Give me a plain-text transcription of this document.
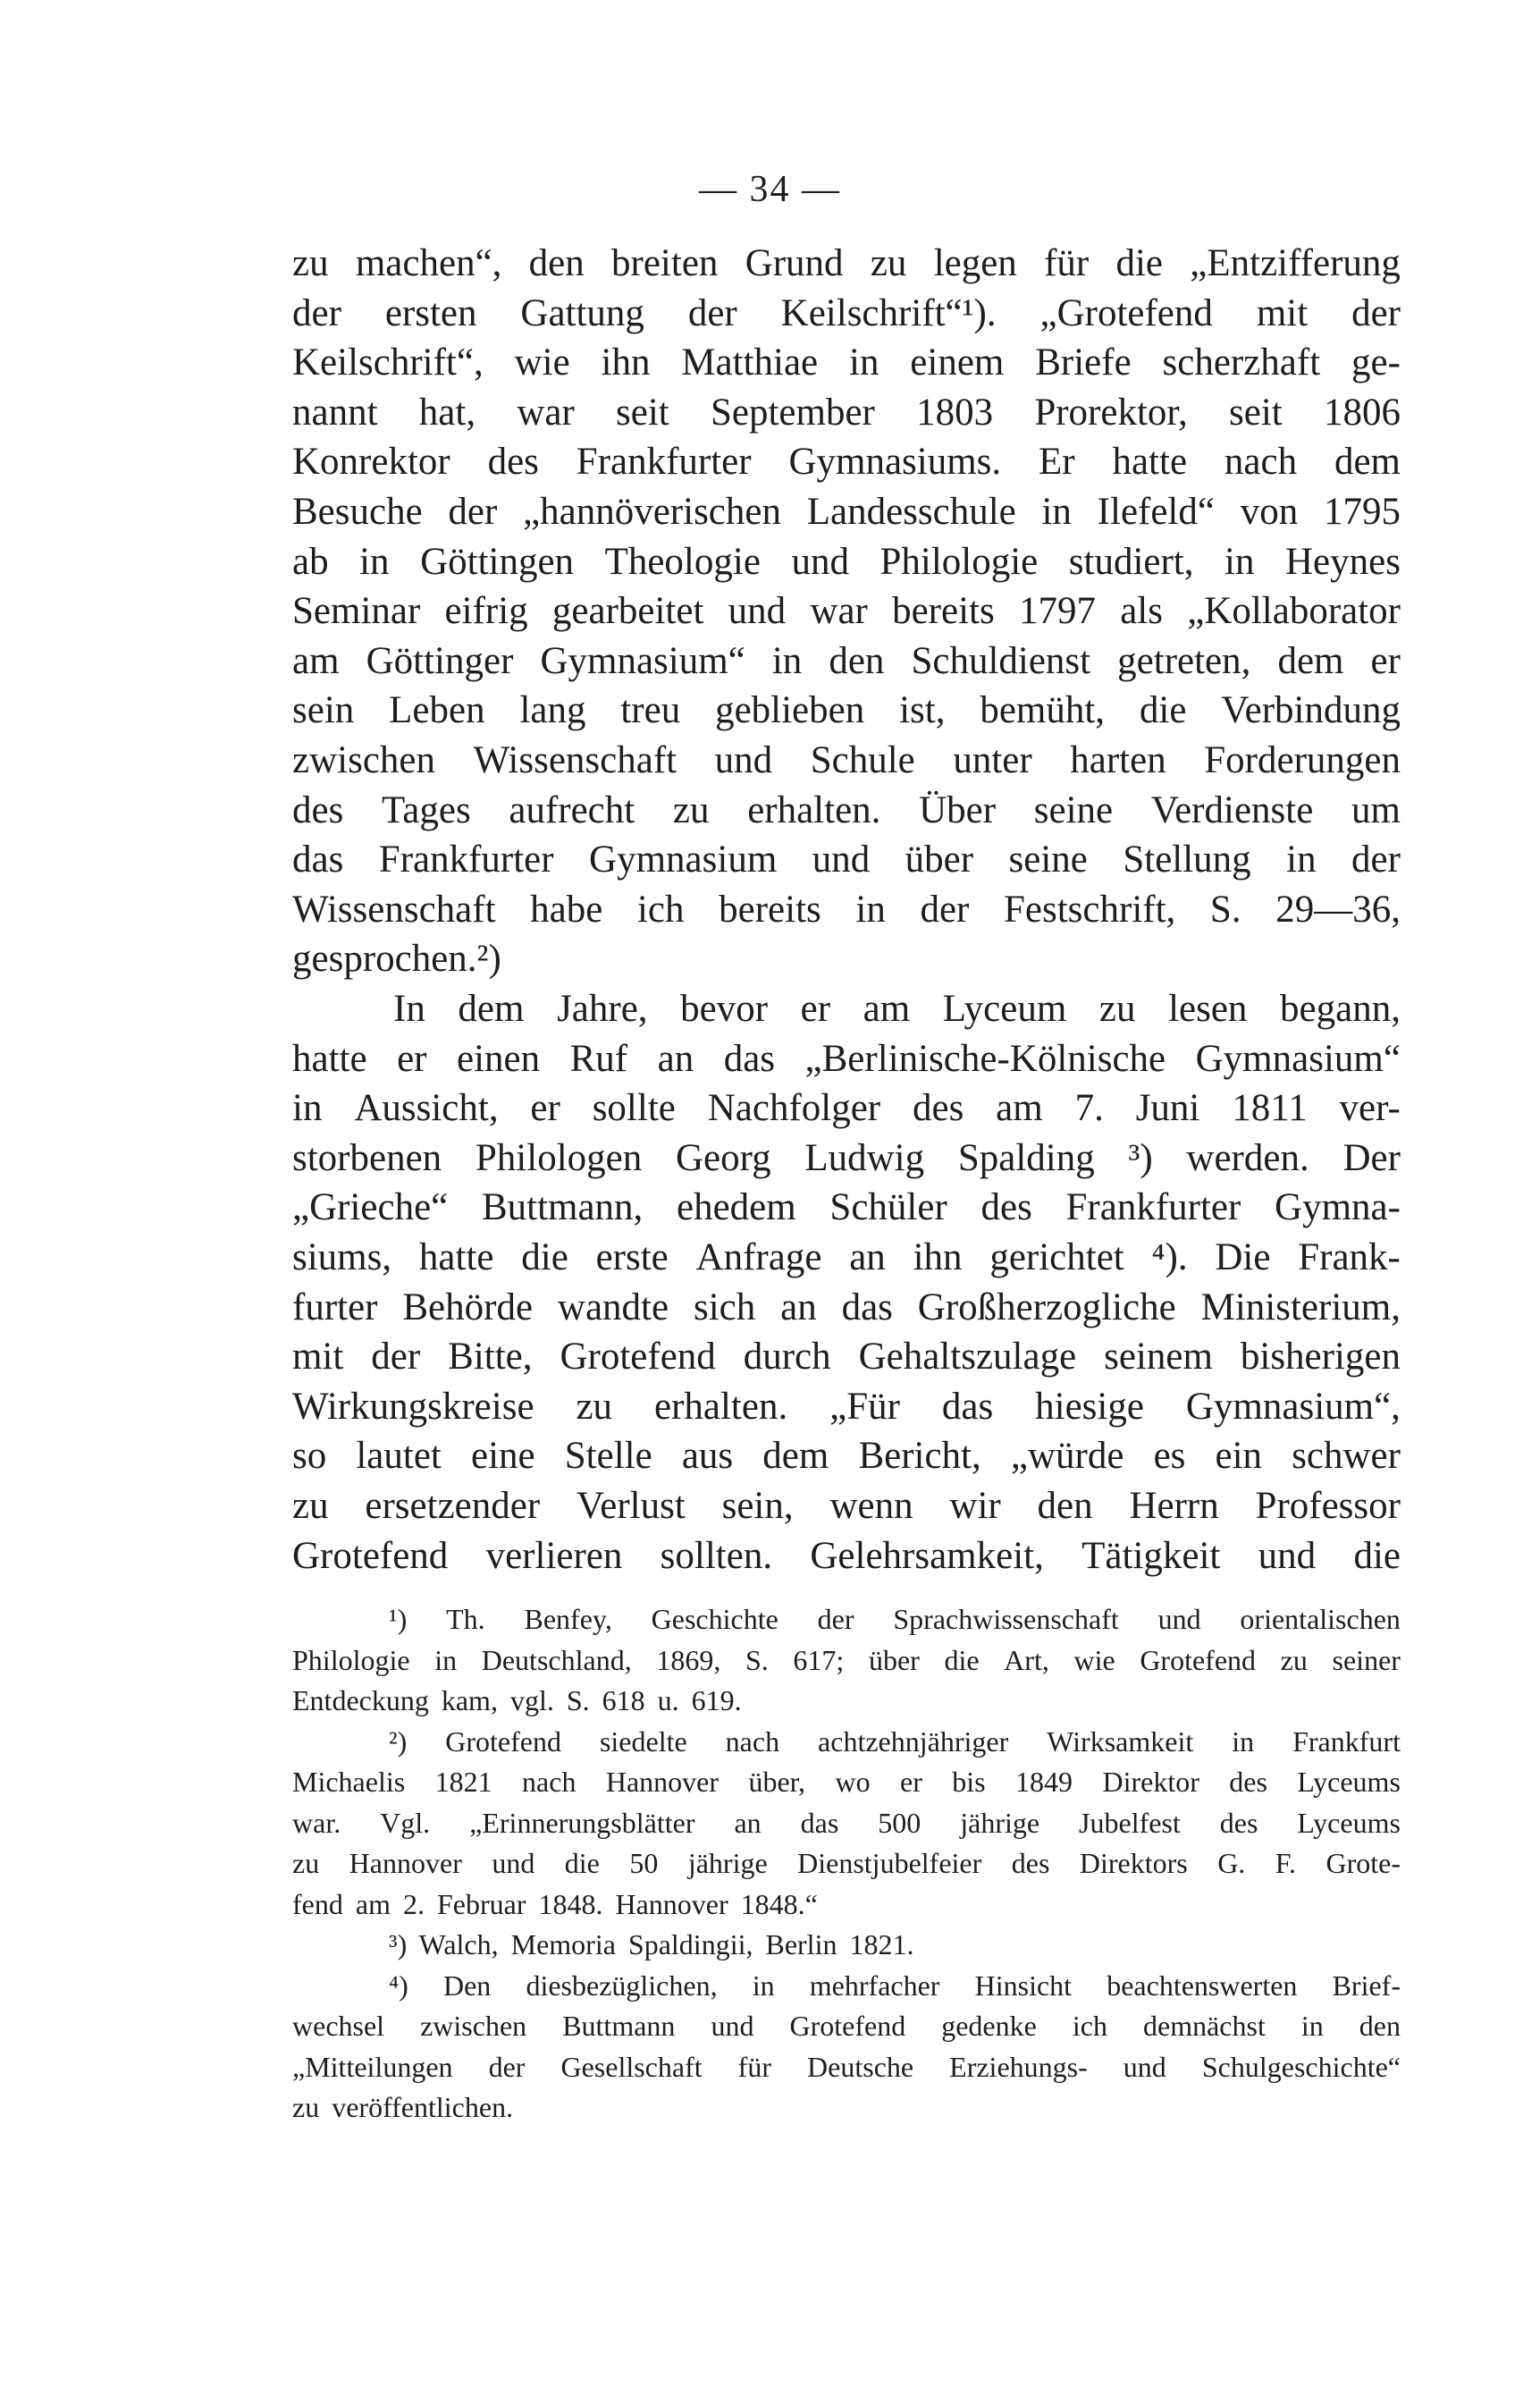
— 34 —
zu machen“, den breiten Grund zu legen für die „Entzifferung
der ersten Gattung der Keilschrift“¹). „Grotefend mit der
Keilschrift“, wie ihn Matthiae in einem Briefe scherzhaft ge-
nannt hat, war seit September 1803 Prorektor, seit 1806
Konrektor des Frankfurter Gymnasiums. Er hatte nach dem
Besuche der „hannöverischen Landesschule in Ilefeld“ von 1795
ab in Göttingen Theologie und Philologie studiert, in Heynes
Seminar eifrig gearbeitet und war bereits 1797 als „Kollaborator
am Göttinger Gymnasium“ in den Schuldienst getreten, dem er
sein Leben lang treu geblieben ist, bemüht, die Verbindung
zwischen Wissenschaft und Schule unter harten Forderungen
des Tages aufrecht zu erhalten. Über seine Verdienste um
das Frankfurter Gymnasium und über seine Stellung in der
Wissenschaft habe ich bereits in der Festschrift, S. 29—36,
gesprochen.²)
In dem Jahre, bevor er am Lyceum zu lesen begann,
hatte er einen Ruf an das „Berlinische-Kölnische Gymnasium“
in Aussicht, er sollte Nachfolger des am 7. Juni 1811 ver-
storbenen Philologen Georg Ludwig Spalding ³) werden. Der
„Grieche“ Buttmann, ehedem Schüler des Frankfurter Gymna-
siums, hatte die erste Anfrage an ihn gerichtet ⁴). Die Frank-
furter Behörde wandte sich an das Großherzogliche Ministerium,
mit der Bitte, Grotefend durch Gehaltszulage seinem bisherigen
Wirkungskreise zu erhalten. „Für das hiesige Gymnasium“,
so lautet eine Stelle aus dem Bericht, „würde es ein schwer
zu ersetzender Verlust sein, wenn wir den Herrn Professor
Grotefend verlieren sollten. Gelehrsamkeit, Tätigkeit und die
¹) Th. Benfey, Geschichte der Sprachwissenschaft und orientalischen
Philologie in Deutschland, 1869, S. 617; über die Art, wie Grotefend zu seiner
Entdeckung kam, vgl. S. 618 u. 619.
²) Grotefend siedelte nach achtzehnjähriger Wirksamkeit in Frankfurt
Michaelis 1821 nach Hannover über, wo er bis 1849 Direktor des Lyceums
war. Vgl. „Erinnerungsblätter an das 500 jährige Jubelfest des Lyceums
zu Hannover und die 50 jährige Dienstjubelfeier des Direktors G. F. Grote-
fend am 2. Februar 1848. Hannover 1848.“
³) Walch, Memoria Spaldingii, Berlin 1821.
⁴) Den diesbezüglichen, in mehrfacher Hinsicht beachtenswerten Brief-
wechsel zwischen Buttmann und Grotefend gedenke ich demnächst in den
„Mitteilungen der Gesellschaft für Deutsche Erziehungs- und Schulgeschichte“
zu veröffentlichen.
